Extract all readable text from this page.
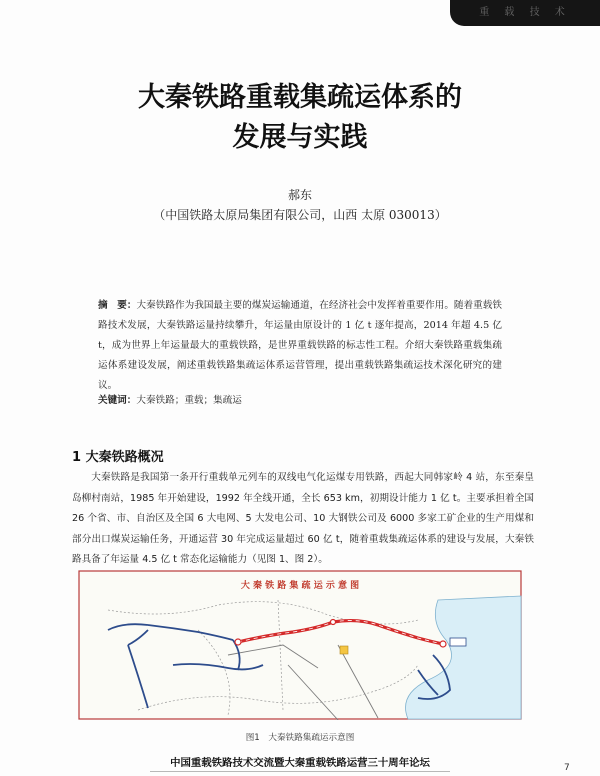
重 载 技 术
大秦铁路重载集疏运体系的
发展与实践
郝东
（中国铁路太原局集团有限公司，山西 太原 030013）
摘　要：大秦铁路作为我国最主要的煤炭运输通道，在经济社会中发挥着重要作用。随着重载铁路技术发展，大秦铁路运量持续攀升，年运量由原设计的 1 亿 t 逐年提高，2014 年超 4.5 亿 t，成为世界上年运量最大的重载铁路，是世界重载铁路的标志性工程。介绍大秦铁路重载集疏运体系建设发展，阐述重载铁路集疏运体系运营管理，提出重载铁路集疏运技术深化研究的建议。
关键词：大秦铁路；重载；集疏运
1 大秦铁路概况
大秦铁路是我国第一条开行重载单元列车的双线电气化运煤专用铁路，西起大同韩家岭 4 站，东至秦皇岛柳村南站，1985 年开始建设，1992 年全线开通，全长 653 km，初期设计能力 1 亿 t。主要承担着全国 26 个省、市、自治区及全国 6 大电网、5 大发电公司、10 大钢铁公司及 6000 多家工矿企业的生产用煤和部分出口煤炭运输任务，开通运营 30 年完成运量超过 60 亿 t，随着重载集疏运体系的建设与发展，大秦铁路具备了年运量 4.5 亿 t 常态化运输能力（见图 1、图 2）。
大 秦 铁 路 集 疏 运 示 意 图
图1　大秦铁路集疏运示意图
中国重载铁路技术交流暨大秦重载铁路运营三十周年论坛	7
